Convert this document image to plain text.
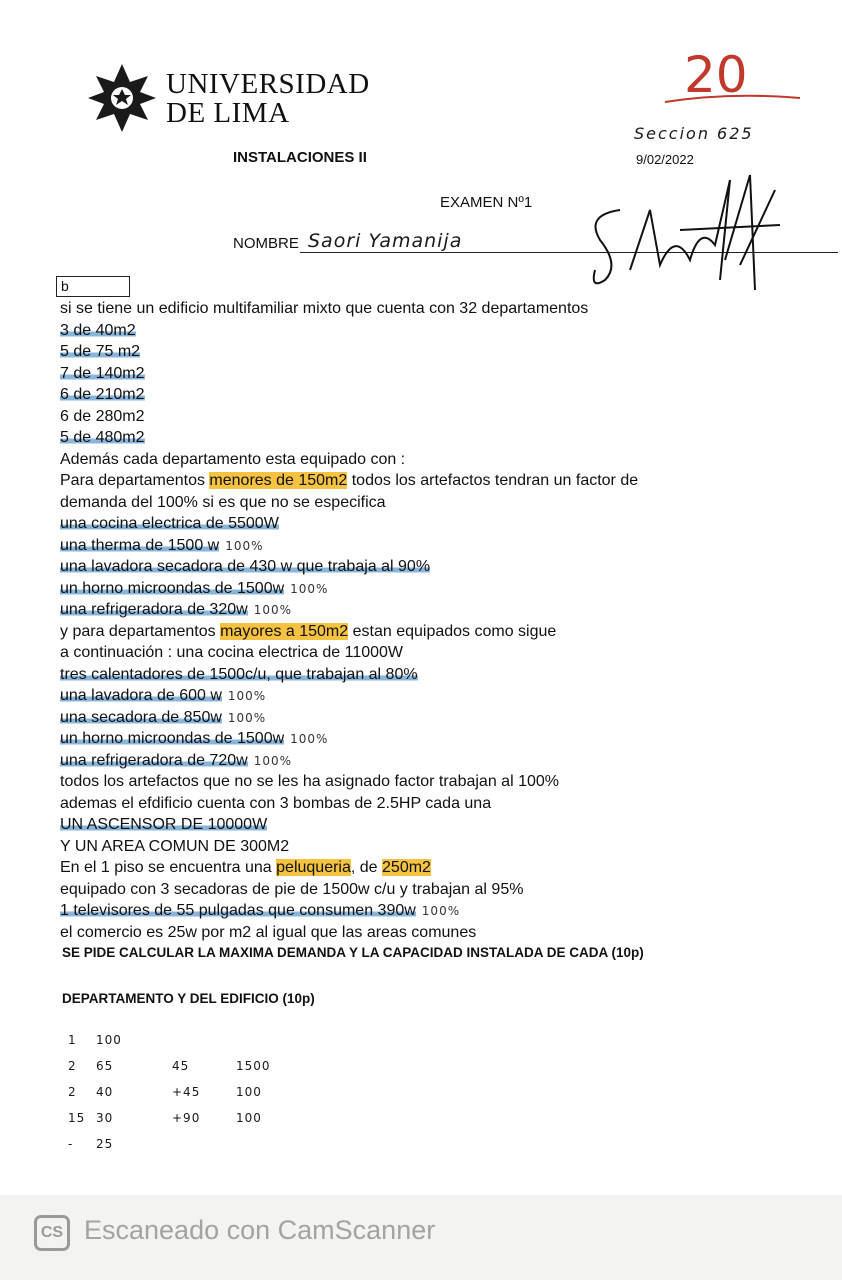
UNIVERSIDAD
DE LIMA
20
Seccion 625
INSTALACIONES II	9/02/2022
EXAMEN Nº1
NOMBRE Saori Yamanija
b
si se tiene un edificio multifamiliar mixto que cuenta con 32 departamentos
3 de 40m2
5 de 75 m2
7 de 140m2
6 de 210m2
6 de 280m2
5 de 480m2
Además cada departamento esta equipado con :
Para departamentos menores de 150m2 todos los artefactos tendran un factor de
demanda del 100% si es que no se especifica
una cocina electrica de 5500W
una therma de 1500 w 100%
una lavadora secadora de 430 w que trabaja al 90%
un horno microondas de 1500w 100%
una refrigeradora de 320w 100%
y para departamentos mayores a 150m2 estan equipados como sigue
a continuación : una cocina electrica de 11000W
tres calentadores de 1500c/u, que trabajan al 80%
una lavadora de 600 w 100%
una secadora de 850w 100%
un horno microondas de 1500w 100%
una refrigeradora de 720w 100%
todos los artefactos que no se les ha asignado factor trabajan al 100%
ademas el efdificio cuenta con 3 bombas de 2.5HP cada una
UN ASCENSOR DE 10000W
Y UN AREA COMUN DE 300M2
En el 1 piso se encuentra una peluqueria, de 250m2
equipado con 3 secadoras de pie de 1500w c/u y trabajan al 95%
1 televisores de 55 pulgadas que consumen 390w 100%
el comercio es 25w por m2 al igual que las areas comunes
SE PIDE CALCULAR LA MAXIMA DEMANDA Y LA CAPACIDAD INSTALADA DE CADA (10p)
DEPARTAMENTO Y DEL EDIFICIO (10p)
1 100
2 65	45	1500
2 40	+45	100
15 30	+90	100
- 25
CS Escaneado con CamScanner
